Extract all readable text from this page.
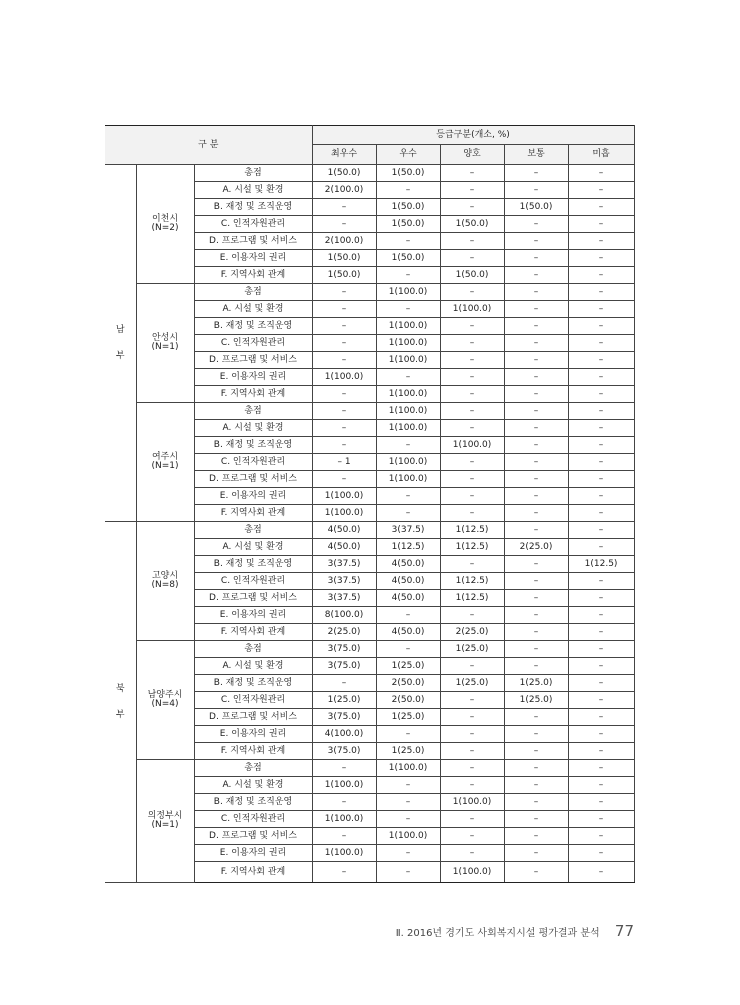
구 분			등급구분(개소, %)				
			최우수	우수	양호	보통	미흡
남
부	이천시
(N=2)	총점	1(50.0)	1(50.0)	–	–	–
		A. 시설 및 환경	2(100.0)	–	–	–	–
		B. 재정 및 조직운영	–	1(50.0)	–	1(50.0)	–
		C. 인적자원관리	–	1(50.0)	1(50.0)	–	–
		D. 프로그램 및 서비스	2(100.0)	–	–	–	–
		E. 이용자의 권리	1(50.0)	1(50.0)	–	–	–
		F. 지역사회 관계	1(50.0)	–	1(50.0)	–	–
	안성시
(N=1)	총점	–	1(100.0)	–	–	–
		A. 시설 및 환경	–	–	1(100.0)	–	–
		B. 재정 및 조직운영	–	1(100.0)	–	–	–
		C. 인적자원관리	–	1(100.0)	–	–	–
		D. 프로그램 및 서비스	–	1(100.0)	–	–	–
		E. 이용자의 권리	1(100.0)	–	–	–	–
		F. 지역사회 관계	–	1(100.0)	–	–	–
	여주시
(N=1)	총점	–	1(100.0)	–	–	–
		A. 시설 및 환경	–	1(100.0)	–	–	–
		B. 재정 및 조직운영	–	–	1(100.0)	–	–
		C. 인적자원관리	– 1	1(100.0)	–	–	–
		D. 프로그램 및 서비스	–	1(100.0)	–	–	–
		E. 이용자의 권리	1(100.0)	–	–	–	–
		F. 지역사회 관계	1(100.0)	–	–	–	–
북
부	고양시
(N=8)	총점	4(50.0)	3(37.5)	1(12.5)	–	–
		A. 시설 및 환경	4(50.0)	1(12.5)	1(12.5)	2(25.0)	–
		B. 재정 및 조직운영	3(37.5)	4(50.0)	–	–	1(12.5)
		C. 인적자원관리	3(37.5)	4(50.0)	1(12.5)	–	–
		D. 프로그램 및 서비스	3(37.5)	4(50.0)	1(12.5)	–	–
		E. 이용자의 권리	8(100.0)	–	–	–	–
		F. 지역사회 관계	2(25.0)	4(50.0)	2(25.0)	–	–
	남양주시
(N=4)	총점	3(75.0)	–	1(25.0)	–	–
		A. 시설 및 환경	3(75.0)	1(25.0)	–	–	–
		B. 재정 및 조직운영	–	2(50.0)	1(25.0)	1(25.0)	–
		C. 인적자원관리	1(25.0)	2(50.0)	–	1(25.0)	–
		D. 프로그램 및 서비스	3(75.0)	1(25.0)	–	–	–
		E. 이용자의 권리	4(100.0)	–	–	–	–
		F. 지역사회 관계	3(75.0)	1(25.0)	–	–	–
	의정부시
(N=1)	총점	–	1(100.0)	–	–	–
		A. 시설 및 환경	1(100.0)	–	–	–	–
		B. 재정 및 조직운영	–	–	1(100.0)	–	–
		C. 인적자원관리	1(100.0)	–	–	–	–
		D. 프로그램 및 서비스	–	1(100.0)	–	–	–
		E. 이용자의 권리	1(100.0)	–	–	–	–
		F. 지역사회 관계	–	–	1(100.0)	–	–
Ⅱ. 2016년 경기도 사회복지시설 평가결과 분석 77
